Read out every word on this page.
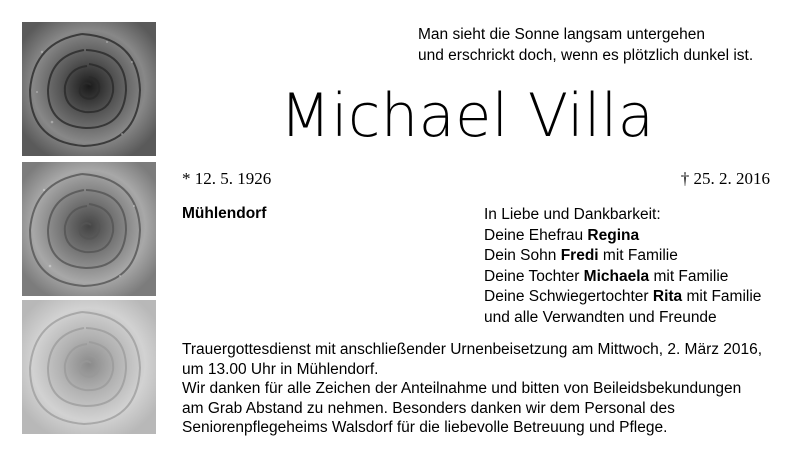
Man sieht die Sonne langsam untergehen
und erschrickt doch, wenn es plötzlich dunkel ist.
Michael Villa
* 12. 5. 1926	† 25. 2. 2016
Mühlendorf	In Liebe und Dankbarkeit:
Deine Ehefrau Regina
Dein Sohn Fredi mit Familie
Deine Tochter Michaela mit Familie
Deine Schwiegertochter Rita mit Familie
und alle Verwandten und Freunde
Trauergottesdienst mit anschließender Urnenbeisetzung am Mittwoch, 2. März 2016,
um 13.00 Uhr in Mühlendorf.
Wir danken für alle Zeichen der Anteilnahme und bitten von Beileidsbekundungen
am Grab Abstand zu nehmen. Besonders danken wir dem Personal des
Seniorenpflegeheims Walsdorf für die liebevolle Betreuung und Pflege.
